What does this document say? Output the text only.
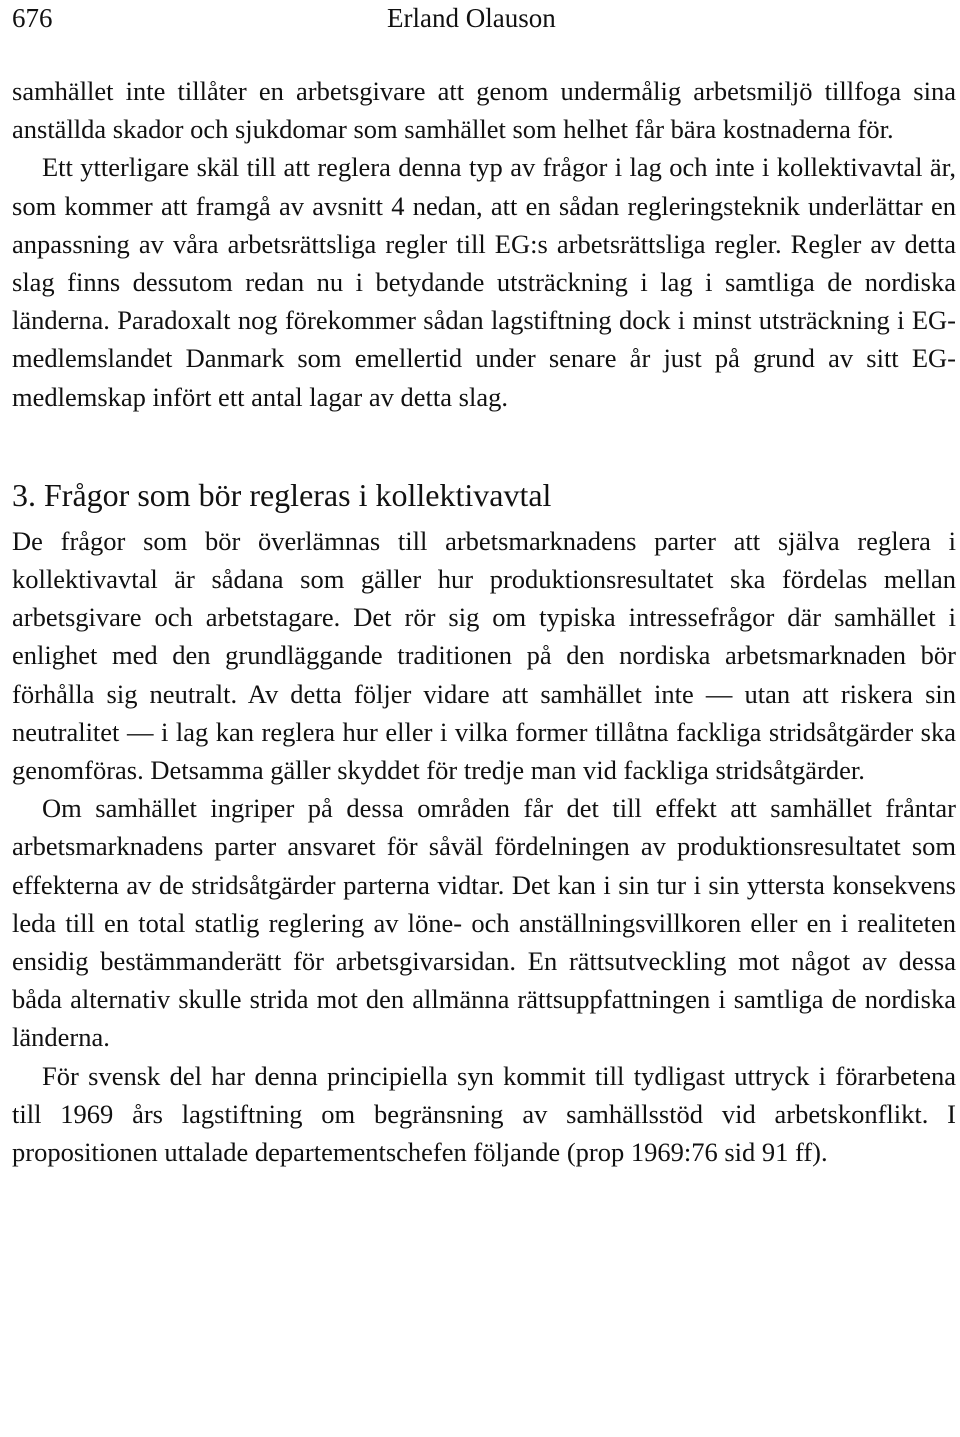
676	Erland Olauson

samhället inte tillåter en arbetsgivare att genom undermålig arbetsmiljö tillfoga sina anställda skador och sjukdomar som samhället som helhet får bära kostnaderna för.

Ett ytterligare skäl till att reglera denna typ av frågor i lag och inte i kollektivavtal är, som kommer att framgå av avsnitt 4 nedan, att en sådan regleringsteknik underlättar en anpassning av våra arbetsrättsliga regler till EG:s arbetsrättsliga regler. Regler av detta slag finns dessutom redan nu i betydande utsträckning i lag i samtliga de nordiska länderna. Paradoxalt nog förekommer sådan lagstiftning dock i minst utsträckning i EG-medlemslandet Danmark som emellertid under senare år just på grund av sitt EG-medlemskap infört ett antal lagar av detta slag.

3. Frågor som bör regleras i kollektivavtal

De frågor som bör överlämnas till arbetsmarknadens parter att själva reglera i kollektivavtal är sådana som gäller hur produktionsresultatet ska fördelas mellan arbetsgivare och arbetstagare. Det rör sig om typiska intressefrågor där samhället i enlighet med den grundläggande traditionen på den nordiska arbetsmarknaden bör förhålla sig neutralt. Av detta följer vidare att samhället inte — utan att riskera sin neutralitet — i lag kan reglera hur eller i vilka former tillåtna fackliga stridsåtgärder ska genomföras. Detsamma gäller skyddet för tredje man vid fackliga stridsåtgärder.

Om samhället ingriper på dessa områden får det till effekt att samhället fråntar arbetsmarknadens parter ansvaret för såväl fördelningen av produktionsresultatet som effekterna av de stridsåtgärder parterna vidtar. Det kan i sin tur i sin yttersta konsekvens leda till en total statlig reglering av löne- och anställningsvillkoren eller en i realiteten ensidig bestämmanderätt för arbetsgivarsidan. En rättsutveckling mot något av dessa båda alternativ skulle strida mot den allmänna rättsuppfattningen i samtliga de nordiska länderna.

För svensk del har denna principiella syn kommit till tydligast uttryck i förarbetena till 1969 års lagstiftning om begränsning av samhällsstöd vid arbetskonflikt. I propositionen uttalade departementschefen följande (prop 1969:76 sid 91 ff).
